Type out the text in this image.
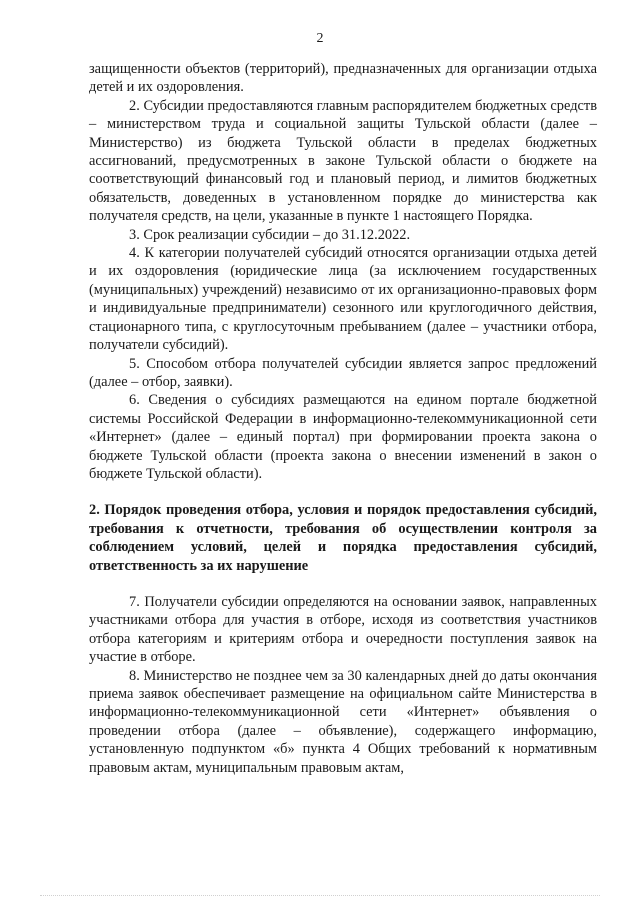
2

защищенности объектов (территорий), предназначенных для организации отдыха детей и их оздоровления.

2. Субсидии предоставляются главным распорядителем бюджетных средств – министерством труда и социальной защиты Тульской области (далее – Министерство) из бюджета Тульской области в пределах бюджетных ассигнований, предусмотренных в законе Тульской области о бюджете на соответствующий финансовый год и плановый период, и лимитов бюджетных обязательств, доведенных в установленном порядке до министерства как получателя средств, на цели, указанные в пункте 1 настоящего Порядка.

3. Срок реализации субсидии – до 31.12.2022.

4. К категории получателей субсидий относятся организации отдыха детей и их оздоровления (юридические лица (за исключением государственных (муниципальных) учреждений) независимо от их организационно-правовых форм и индивидуальные предприниматели) сезонного или круглогодичного действия, стационарного типа, с круглосуточным пребыванием (далее – участники отбора, получатели субсидий).

5. Способом отбора получателей субсидии является запрос предложений (далее – отбор, заявки).

6. Сведения о субсидиях размещаются на едином портале бюджетной системы Российской Федерации в информационно-телекоммуникационной сети «Интернет» (далее – единый портал) при формировании проекта закона о бюджете Тульской области (проекта закона о внесении изменений в закон о бюджете Тульской области).

2. Порядок проведения отбора, условия и порядок предоставления субсидий, требования к отчетности, требования об осуществлении контроля за соблюдением условий, целей и порядка предоставления субсидий, ответственность за их нарушение

7. Получатели субсидии определяются на основании заявок, направленных участниками отбора для участия в отборе, исходя из соответствия участников отбора категориям и критериям отбора и очередности поступления заявок на участие в отборе.

8. Министерство не позднее чем за 30 календарных дней до даты окончания приема заявок обеспечивает размещение на официальном сайте Министерства в информационно-телекоммуникационной сети «Интернет» объявления о проведении отбора (далее – объявление), содержащего информацию, установленную подпунктом «б» пункта 4 Общих требований к нормативным правовым актам, муниципальным правовым актам,
